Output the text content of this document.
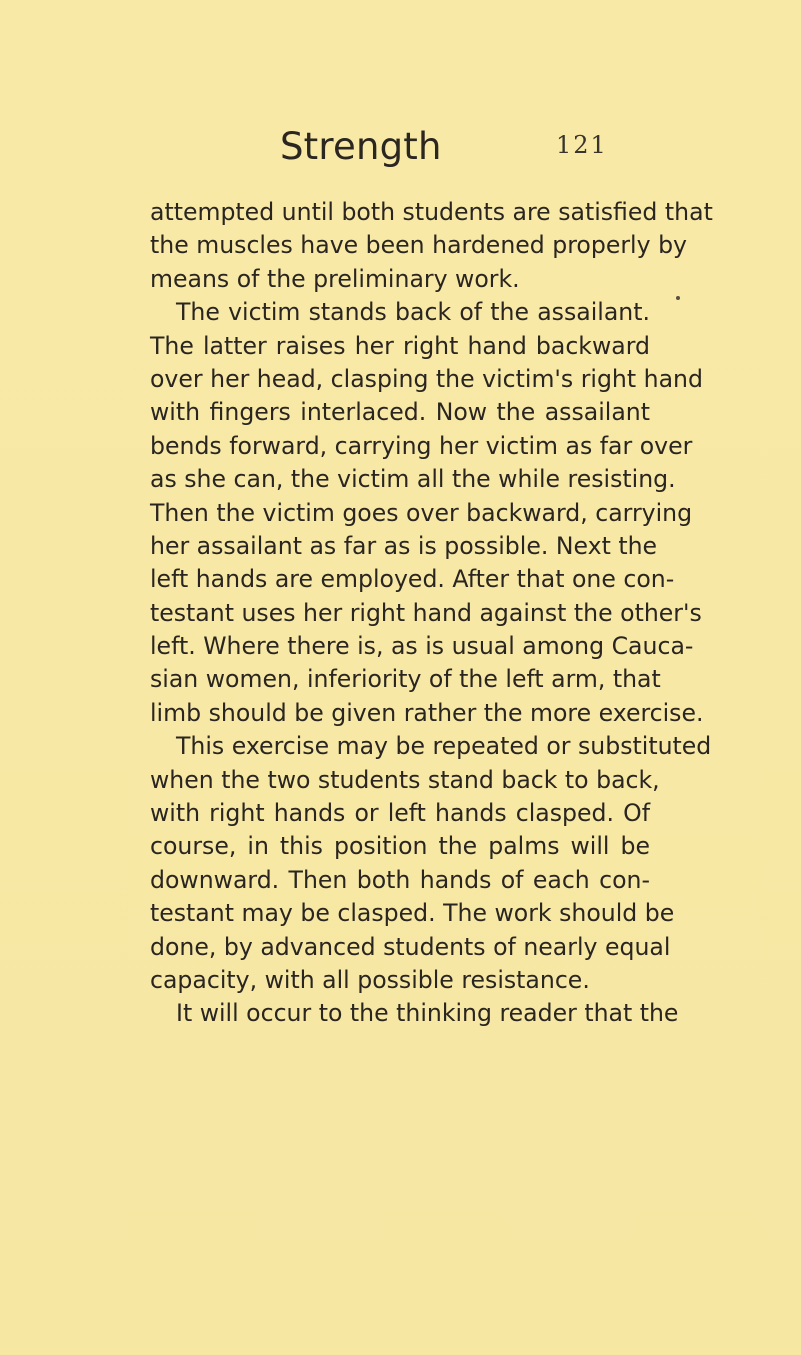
Strength	121
attempted until both students are satisfied that
the muscles have been hardened properly by
means of the preliminary work.
The victim stands back of the assailant.
The latter raises her right hand backward
over her head, clasping the victim's right hand
with fingers interlaced. Now the assailant
bends forward, carrying her victim as far over
as she can, the victim all the while resisting.
Then the victim goes over backward, carrying
her assailant as far as is possible. Next the
left hands are employed. After that one con-
testant uses her right hand against the other's
left. Where there is, as is usual among Cauca-
sian women, inferiority of the left arm, that
limb should be given rather the more exercise.
This exercise may be repeated or substituted
when the two students stand back to back,
with right hands or left hands clasped. Of
course, in this position the palms will be
downward. Then both hands of each con-
testant may be clasped. The work should be
done, by advanced students of nearly equal
capacity, with all possible resistance.
It will occur to the thinking reader that the
